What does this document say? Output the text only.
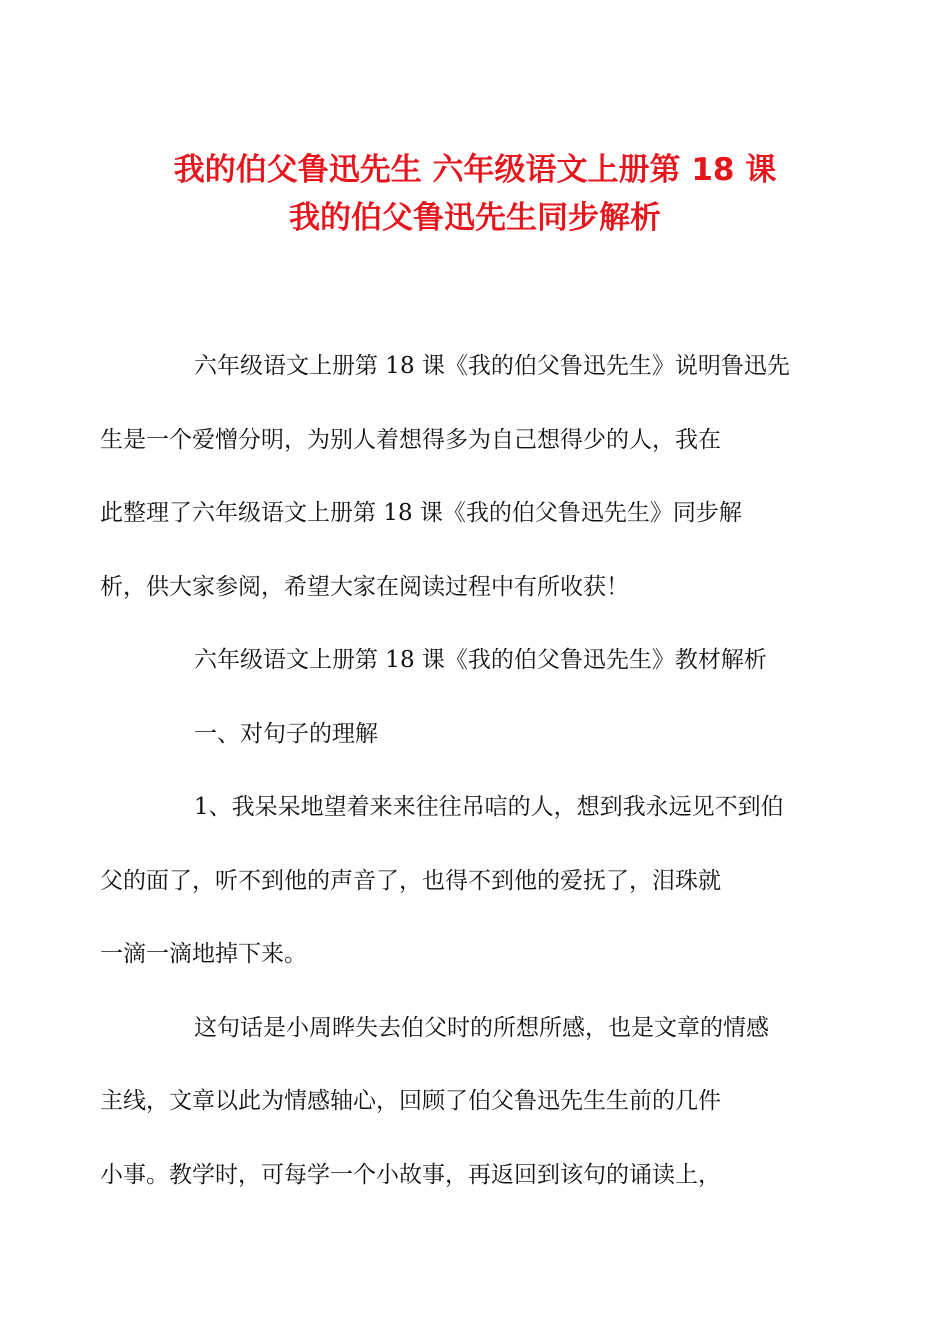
我的伯父鲁迅先生 六年级语文上册第 18 课
我的伯父鲁迅先生同步解析

六年级语文上册第 18 课《我的伯父鲁迅先生》说明鲁迅先
生是一个爱憎分明，为别人着想得多为自己想得少的人，我在
此整理了六年级语文上册第 18 课《我的伯父鲁迅先生》同步解
析，供大家参阅，希望大家在阅读过程中有所收获！

六年级语文上册第 18 课《我的伯父鲁迅先生》教材解析

一、对句子的理解

1、我呆呆地望着来来往往吊唁的人，想到我永远见不到伯
父的面了，听不到他的声音了，也得不到他的爱抚了，泪珠就
一滴一滴地掉下来。

这句话是小周晔失去伯父时的所想所感，也是文章的情感
主线，文章以此为情感轴心，回顾了伯父鲁迅先生生前的几件
小事。教学时，可每学一个小故事，再返回到该句的诵读上，
